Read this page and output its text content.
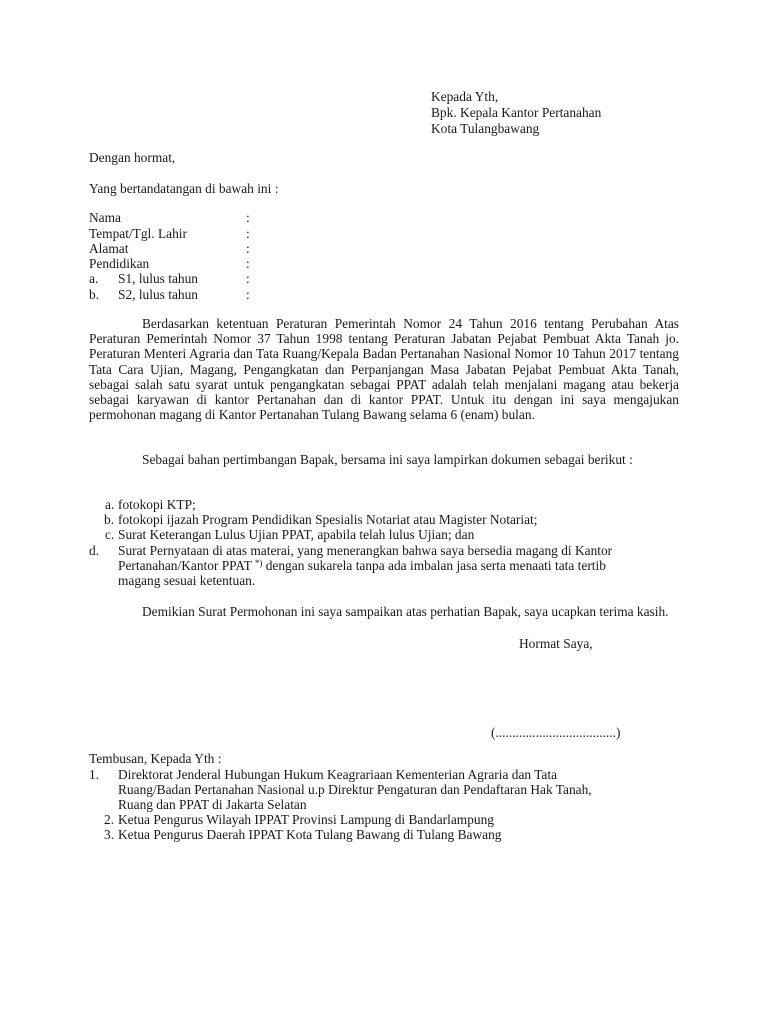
Kepada Yth,
Bpk. Kepala Kantor Pertanahan
Kota Tulangbawang
Dengan hormat,
Yang bertandatangan di bawah ini :
Nama	:
Tempat/Tgl. Lahir	:
Alamat	:
Pendidikan	:
a. S1, lulus tahun	:
b. S2, lulus tahun	:
Berdasarkan ketentuan Peraturan Pemerintah Nomor 24 Tahun 2016 tentang Perubahan Atas Peraturan Pemerintah Nomor 37 Tahun 1998 tentang Peraturan Jabatan Pejabat Pembuat Akta Tanah jo. Peraturan Menteri Agraria dan Tata Ruang/Kepala Badan Pertanahan Nasional Nomor 10 Tahun 2017 tentang Tata Cara Ujian, Magang, Pengangkatan dan Perpanjangan Masa Jabatan Pejabat Pembuat Akta Tanah, sebagai salah satu syarat untuk pengangkatan sebagai PPAT adalah telah menjalani magang atau bekerja sebagai karyawan di kantor Pertanahan dan di kantor PPAT. Untuk itu dengan ini saya mengajukan permohonan magang di Kantor Pertanahan Tulang Bawang selama 6 (enam) bulan.
Sebagai bahan pertimbangan Bapak, bersama ini saya lampirkan dokumen sebagai berikut :
a. fotokopi KTP;
b. fotokopi ijazah Program Pendidikan Spesialis Notariat atau Magister Notariat;
c. Surat Keterangan Lulus Ujian PPAT, apabila telah lulus Ujian; dan
d. Surat Pernyataan di atas materai, yang menerangkan bahwa saya bersedia magang di Kantor
Pertanahan/Kantor PPAT *) dengan sukarela tanpa ada imbalan jasa serta menaati tata tertib
magang sesuai ketentuan.
Demikian Surat Permohonan ini saya sampaikan atas perhatian Bapak, saya ucapkan terima kasih.
Hormat Saya,
(....................................)
Tembusan, Kepada Yth :
1. Direktorat Jenderal Hubungan Hukum Keagrariaan Kementerian Agraria dan Tata
Ruang/Badan Pertanahan Nasional u.p Direktur Pengaturan dan Pendaftaran Hak Tanah,
Ruang dan PPAT di Jakarta Selatan
2. Ketua Pengurus Wilayah IPPAT Provinsi Lampung di Bandarlampung
3. Ketua Pengurus Daerah IPPAT Kota Tulang Bawang di Tulang Bawang
